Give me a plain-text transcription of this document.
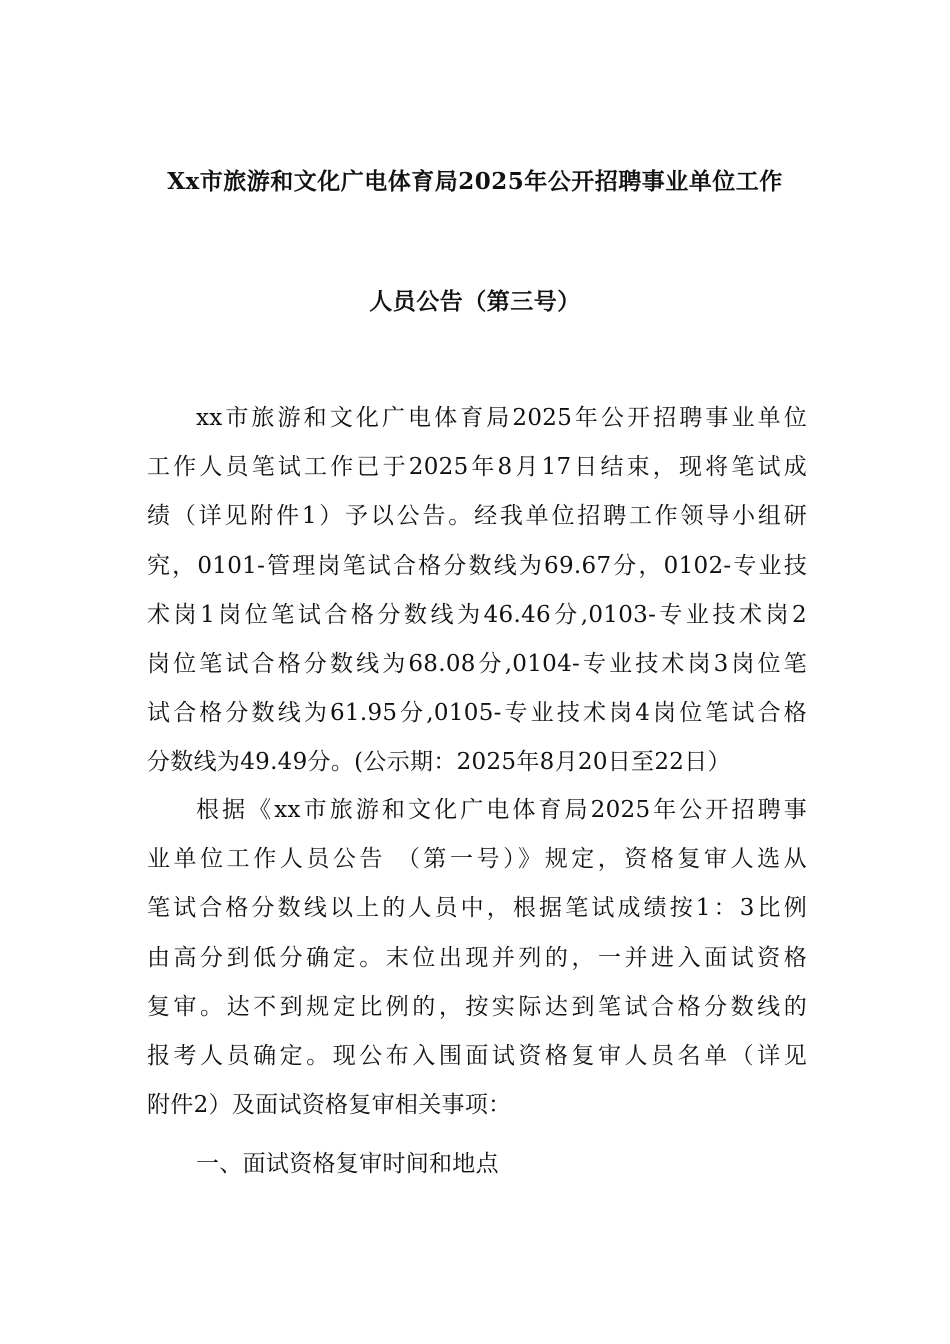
Xx市旅游和文化广电体育局2025年公开招聘事业单位工作
人员公告（第三号）
xx市旅游和文化广电体育局2025年公开招聘事业单位
工作人员笔试工作已于2025年8月17日结束，现将笔试成
绩（详见附件1）予以公告。经我单位招聘工作领导小组研
究，0101-管理岗笔试合格分数线为69.67分，0102-专业技
术岗1岗位笔试合格分数线为46.46分,0103-专业技术岗2
岗位笔试合格分数线为68.08分,0104-专业技术岗3岗位笔
试合格分数线为61.95分,0105-专业技术岗4岗位笔试合格
分数线为49.49分。(公示期：2025年8月20日至22日）
根据《xx市旅游和文化广电体育局2025年公开招聘事
业单位工作人员公告 （第一号）》规定，资格复审人选从
笔试合格分数线以上的人员中，根据笔试成绩按1：3比例
由高分到低分确定。末位出现并列的，一并进入面试资格
复审。达不到规定比例的，按实际达到笔试合格分数线的
报考人员确定。现公布入围面试资格复审人员名单（详见
附件2）及面试资格复审相关事项：
一、面试资格复审时间和地点
